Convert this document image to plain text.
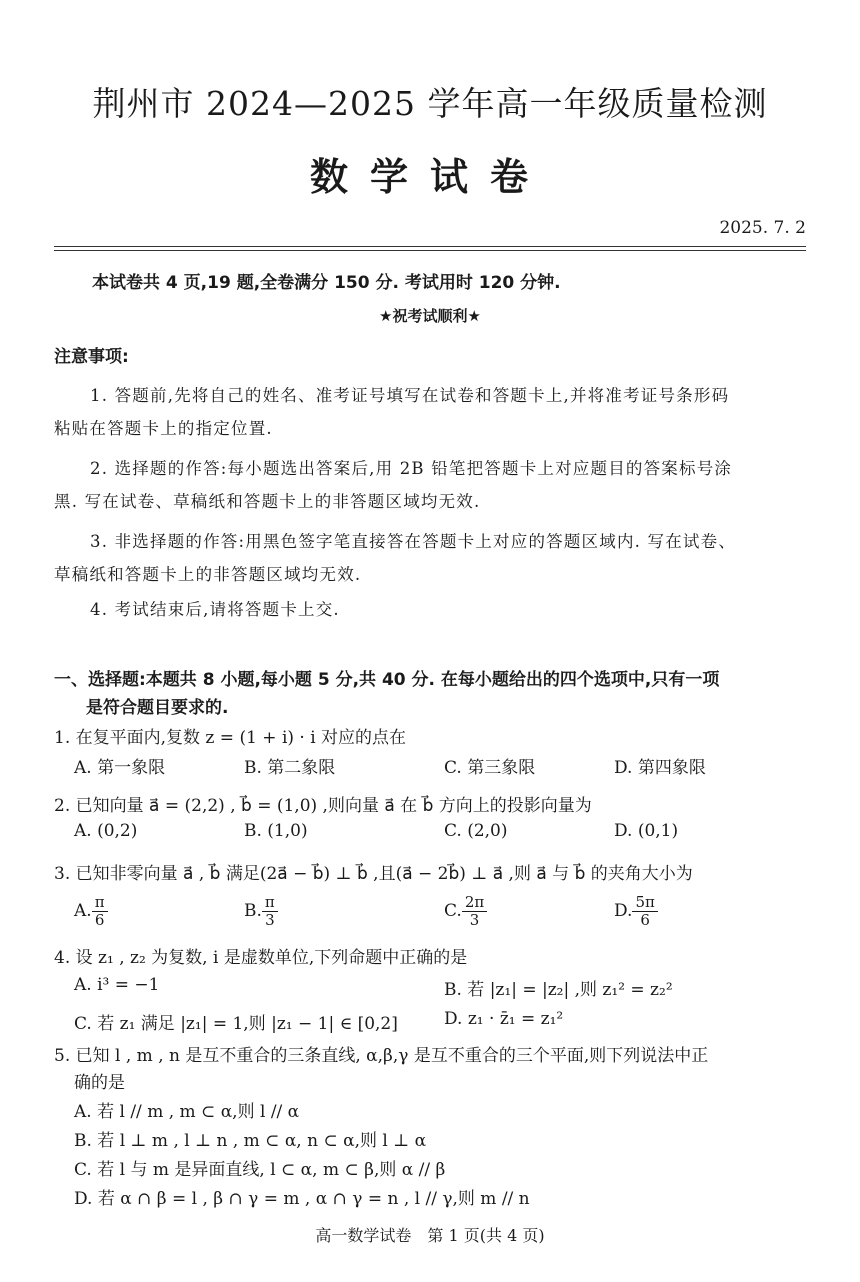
荆州市 2024—2025 学年高一年级质量检测
数学试卷
2025. 7. 2
本试卷共 4 页,19 题,全卷满分 150 分. 考试用时 120 分钟.
★祝考试顺利★
注意事项:
1. 答题前,先将自己的姓名、准考证号填写在试卷和答题卡上,并将准考证号条形码
粘贴在答题卡上的指定位置.
2. 选择题的作答:每小题选出答案后,用 2B 铅笔把答题卡上对应题目的答案标号涂
黑. 写在试卷、草稿纸和答题卡上的非答题区域均无效.
3. 非选择题的作答:用黑色签字笔直接答在答题卡上对应的答题区域内. 写在试卷、
草稿纸和答题卡上的非答题区域均无效.
4. 考试结束后,请将答题卡上交.
一、选择题:本题共 8 小题,每小题 5 分,共 40 分. 在每小题给出的四个选项中,只有一项
是符合题目要求的.
1. 在复平面内,复数 z = (1 + i) · i 对应的点在
A. 第一象限	B. 第二象限	C. 第三象限	D. 第四象限
2. 已知向量 a⃗ = (2,2) , b⃗ = (1,0) ,则向量 a⃗ 在 b⃗ 方向上的投影向量为
A. (0,2)	B. (1,0)	C. (2,0)	D. (0,1)
3. 已知非零向量 a⃗ , b⃗ 满足(2a⃗ − b⃗) ⊥ b⃗ ,且(a⃗ − 2b⃗) ⊥ a⃗ ,则 a⃗ 与 b⃗ 的夹角大小为
A. $\frac{\pi}{6}$	B. $\frac{\pi}{3}$	C. $\frac{2\pi}{3}$	D. $\frac{5\pi}{6}$
4. 设 z₁ , z₂ 为复数, i 是虚数单位,下列命题中正确的是
A. i³ = −1	B. 若 |z₁| = |z₂| ,则 z₁² = z₂²
C. 若 z₁ 满足 |z₁| = 1,则 |z₁ − 1| ∈ [0,2]	D. z₁ · z̄₁ = z₁²
5. 已知 l , m , n 是互不重合的三条直线, α,β,γ 是互不重合的三个平面,则下列说法中正
确的是
A. 若 l // m , m ⊂ α,则 l // α
B. 若 l ⊥ m , l ⊥ n , m ⊂ α, n ⊂ α,则 l ⊥ α
C. 若 l 与 m 是异面直线, l ⊂ α, m ⊂ β,则 α // β
D. 若 α ∩ β = l , β ∩ γ = m , α ∩ γ = n , l // γ,则 m // n
高一数学试卷　第 1 页(共 4 页)
